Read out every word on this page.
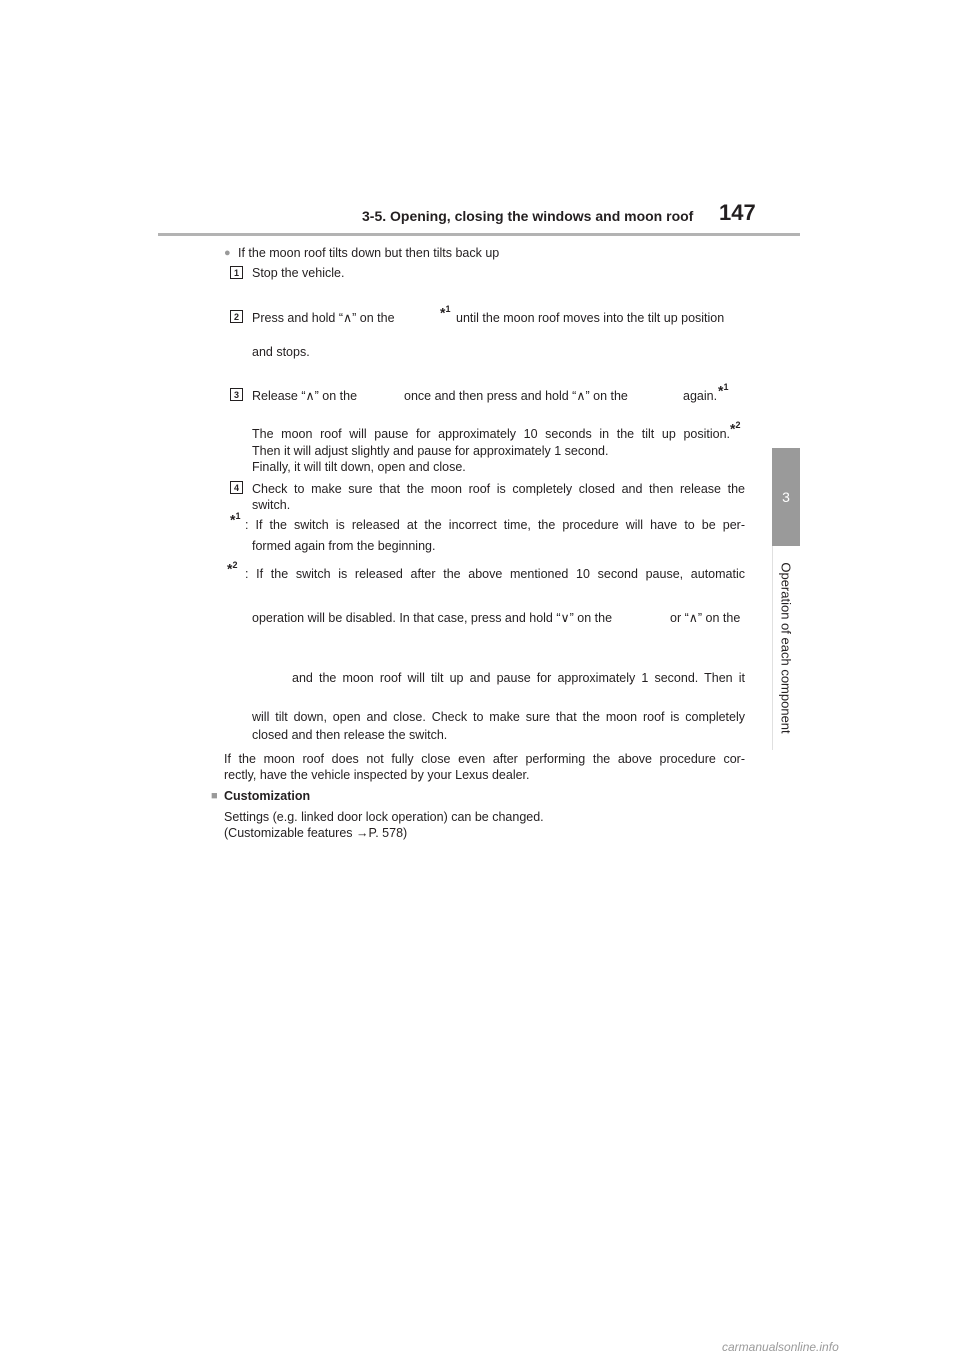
3-5. Opening, closing the windows and moon roof 147
3
Operation of each component
● If the moon roof tilts down but then tilts back up
1	Stop the vehicle.
2	Press and hold “∧” on the	*$^1$
until the moon roof moves into the tilt up position
and stops.
3	Release “∧” on the	once and then press and hold “∧” on the	again. *$^1$
The moon roof will pause for approximately 10 seconds in the tilt up position. *$^2$
Then it will adjust slightly and pause for approximately 1 second.
Finally, it will tilt down, open and close.
4	Check to make sure that the moon roof is completely closed and then release the
switch.
*$^1$
: If the switch is released at the incorrect time, the procedure will have to be per-
formed again from the beginning.
*$^2$
: If the switch is released after the above mentioned 10 second pause, automatic
operation will be disabled. In that case, press and hold “∨” on the	or “∧” on the
and the moon roof will tilt up and pause for approximately 1 second. Then it
will tilt down, open and close. Check to make sure that the moon roof is completely
closed and then release the switch.
If the moon roof does not fully close even after performing the above procedure cor-
rectly, have the vehicle inspected by your Lexus dealer.
■ Customization
Settings (e.g. linked door lock operation) can be changed.
(Customizable features →P. 578)
carmanualsonline.info
